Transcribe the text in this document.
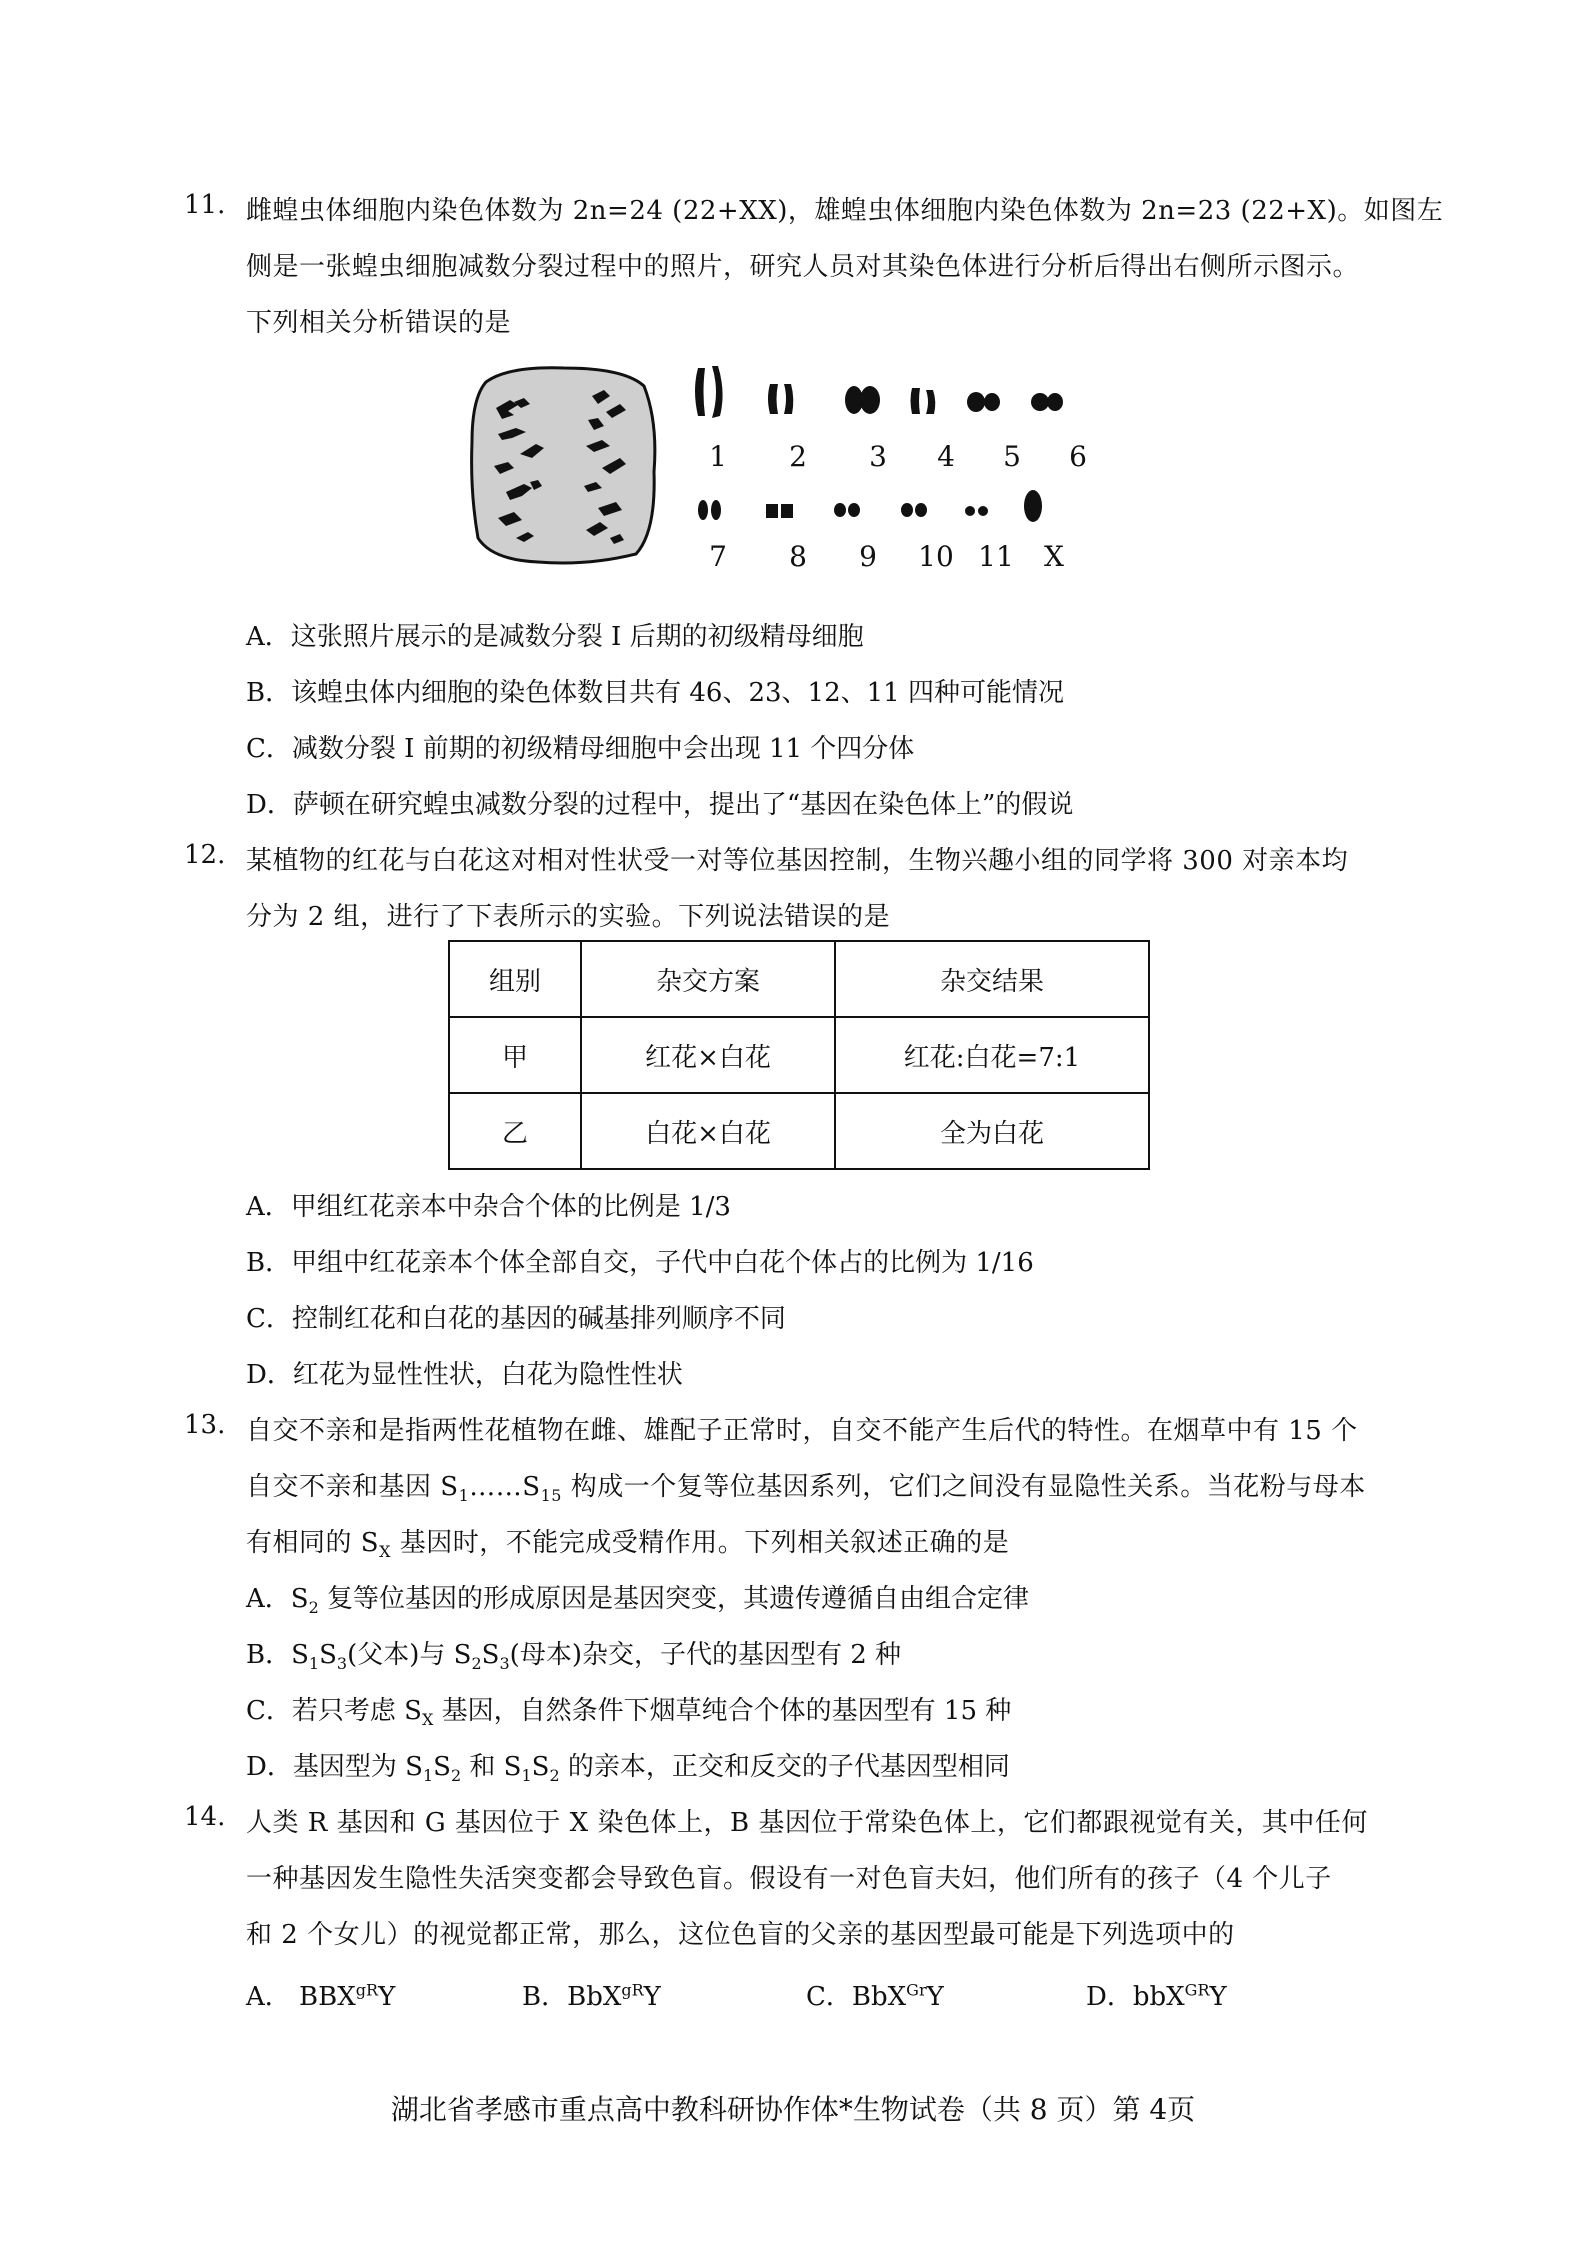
11. 雌蝗虫体细胞内染色体数为 2n=24 (22+XX)，雄蝗虫体细胞内染色体数为 2n=23 (22+X)。如图左
侧是一张蝗虫细胞减数分裂过程中的照片，研究人员对其染色体进行分析后得出右侧所示图示。
下列相关分析错误的是
1	2	3	4	5	6
7	8	9	10 11	X
A．这张照片展示的是减数分裂 Ⅰ 后期的初级精母细胞
B．该蝗虫体内细胞的染色体数目共有 46、23、12、11 四种可能情况
C．减数分裂 Ⅰ 前期的初级精母细胞中会出现 11 个四分体
D．萨顿在研究蝗虫减数分裂的过程中，提出了“基因在染色体上”的假说
12. 某植物的红花与白花这对相对性状受一对等位基因控制，生物兴趣小组的同学将 300 对亲本均
分为 2 组，进行了下表所示的实验。下列说法错误的是
组别	杂交方案	杂交结果
甲	红花×白花	红花:白花=7:1
乙	白花×白花	全为白花
A．甲组红花亲本中杂合个体的比例是 1/3
B．甲组中红花亲本个体全部自交，子代中白花个体占的比例为 1/16
C．控制红花和白花的基因的碱基排列顺序不同
D．红花为显性性状，白花为隐性性状
13. 自交不亲和是指两性花植物在雌、雄配子正常时，自交不能产生后代的特性。在烟草中有 15 个
自交不亲和基因 $S_1\dots\dots S_{15}$ 构成一个复等位基因系列，它们之间没有显隐性关系。当花粉与母本
有相同的 $S_X$ 基因时，不能完成受精作用。下列相关叙述正确的是
A．$S_2$ 复等位基因的形成原因是基因突变，其遗传遵循自由组合定律
B．$S_1S_3$(父本)与 $S_2S_3$(母本)杂交，子代的基因型有 2 种
C．若只考虑 $S_X$ 基因，自然条件下烟草纯合个体的基因型有 15 种
D．基因型为 $S_1S_2$ 和 $S_1S_2$ 的亲本，正交和反交的子代基因型相同
14. 人类 R 基因和 G 基因位于 X 染色体上，B 基因位于常染色体上，它们都跟视觉有关，其中任何
一种基因发生隐性失活突变都会导致色盲。假设有一对色盲夫妇，他们所有的孩子（4 个儿子
和 2 个女儿）的视觉都正常，那么，这位色盲的父亲的基因型最可能是下列选项中的
A． $BBX^{gR}Y$	B．BbX$^{gR}$Y	C．BbX$^{Gr}$Y	D．bbX$^{GR}$Y
湖北省孝感市重点高中教科研协作体*生物试卷（共 8 页）第 4页
